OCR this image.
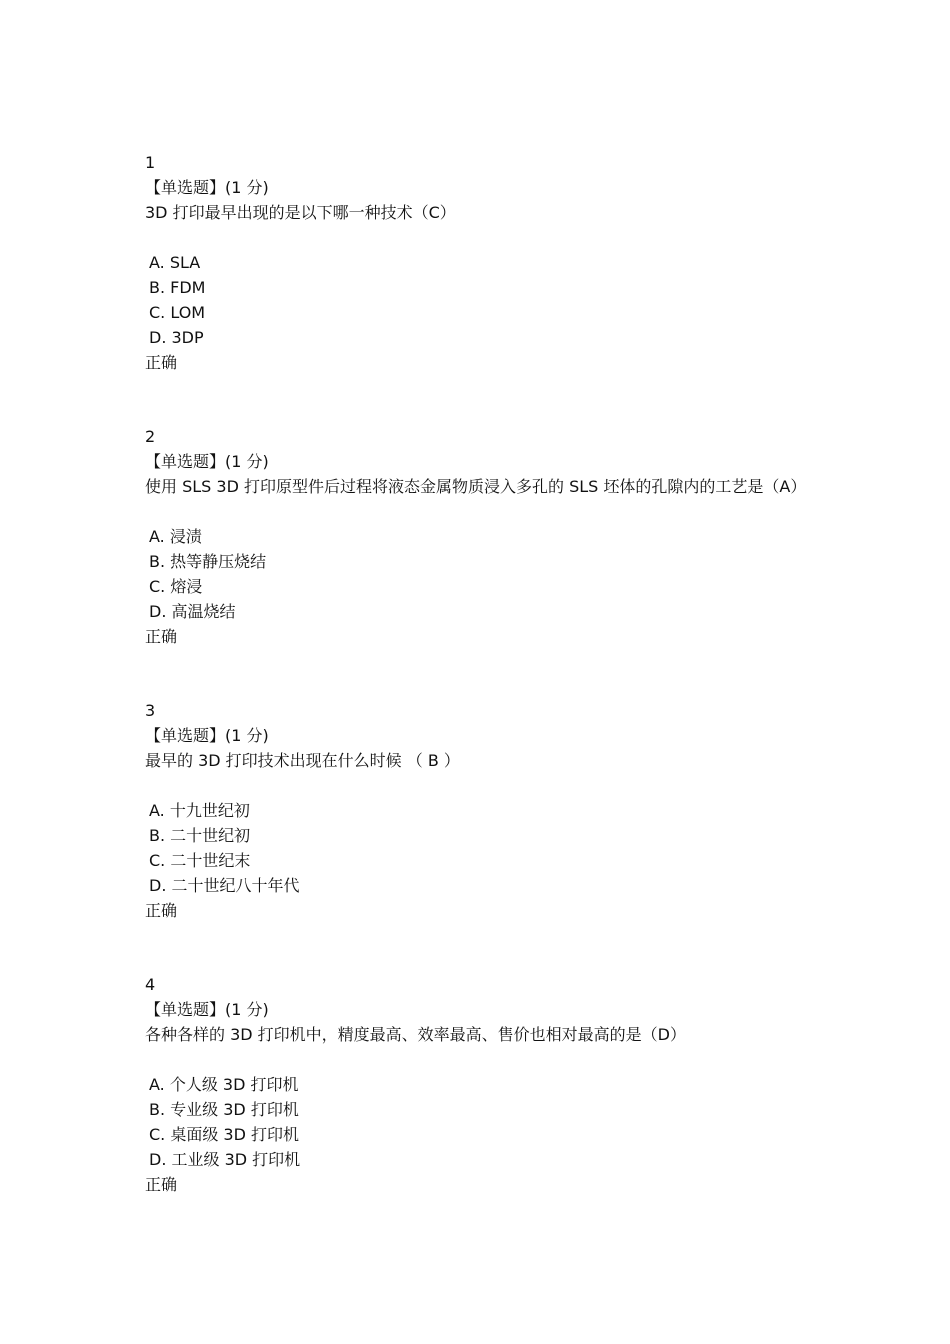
1
【单选题】(1 分)
3D 打印最早出现的是以下哪一种技术（C）
A. SLA
B. FDM
C. LOM
D. 3DP
正确
2
【单选题】(1 分)
使用 SLS 3D 打印原型件后过程将液态金属物质浸入多孔的 SLS 坯体的孔隙内的工艺是（A）
A. 浸渍
B. 热等静压烧结
C. 熔浸
D. 高温烧结
正确
3
【单选题】(1 分)
最早的 3D 打印技术出现在什么时候 （ B ）
A. 十九世纪初
B. 二十世纪初
C. 二十世纪末
D. 二十世纪八十年代
正确
4
【单选题】(1 分)
各种各样的 3D 打印机中，精度最高、效率最高、售价也相对最高的是（D）
A. 个人级 3D 打印机
B. 专业级 3D 打印机
C. 桌面级 3D 打印机
D. 工业级 3D 打印机
正确
